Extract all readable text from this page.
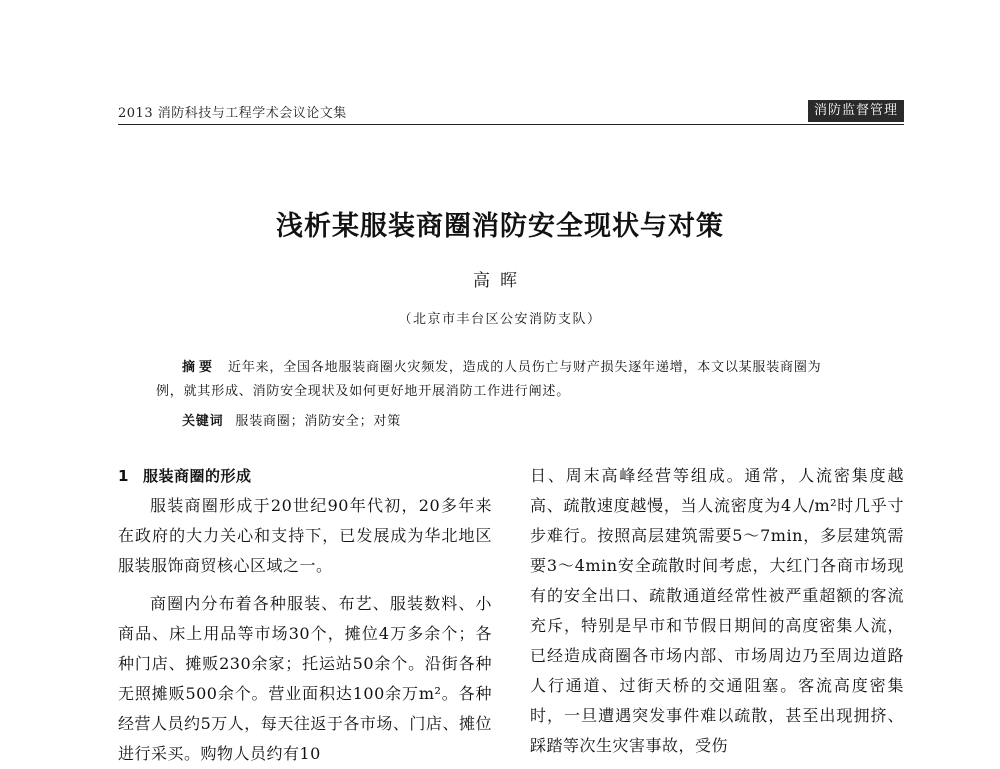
2013 消防科技与工程学术会议论文集	消防监督管理
浅析某服装商圈消防安全现状与对策
高晖
（北京市丰台区公安消防支队）
摘要 近年来，全国各地服装商圈火灾频发，造成的人员伤亡与财产损失逐年递增，本文以某服装商圈为例，就其形成、消防安全现状及如何更好地开展消防工作进行阐述。
关键词 服装商圈；消防安全；对策
1 服装商圈的形成

服装商圈形成于20世纪90年代初，20多年来在政府的大力关心和支持下，已发展成为华北地区服装服饰商贸核心区域之一。

商圈内分布着各种服装、布艺、服装数料、小商品、床上用品等市场30个，摊位4万多余个；各种门店、摊贩230余家；托运站50余个。沿街各种无照摊贩500余个。营业面积达100余万m²。各种经营人员约5万人，每天往返于各市场、门店、摊位进行采买。购物人员约有10

日、周末高峰经营等组成。通常，人流密集度越高、疏散速度越慢，当人流密度为4人/m²时几乎寸步难行。按照高层建筑需要5～7min，多层建筑需要3～4min安全疏散时间考虑，大红门各商市场现有的安全出口、疏散通道经常性被严重超额的客流充斥，特别是早市和节假日期间的高度密集人流，已经造成商圈各市场内部、市场周边乃至周边道路人行通道、过街天桥的交通阻塞。客流高度密集时，一旦遭遇突发事件难以疏散，甚至出现拥挤、踩踏等次生灾害事故，受伤
